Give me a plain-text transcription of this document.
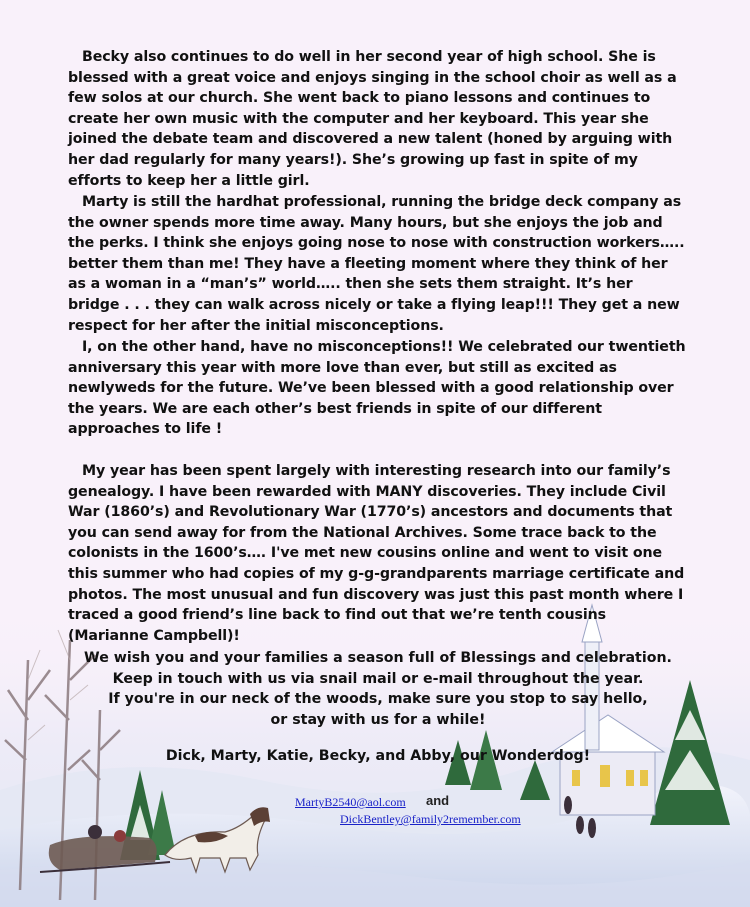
Becky also continues to do well in her second year of high school. She is blessed with a great voice and enjoys singing in the school choir as well as a few solos at our church. She went back to piano lessons and continues to create her own music with the computer and her keyboard. This year she joined the debate team and discovered a new talent (honed by arguing with her dad regularly for many years!). She’s growing up fast in spite of my efforts to keep her a little girl.

Marty is still the hardhat professional, running the bridge deck company as the owner spends more time away. Many hours, but she enjoys the job and the perks. I think she enjoys going nose to nose with construction workers….. better them than me! They have a fleeting moment where they think of her as a woman in a “man’s” world….. then she sets them straight. It’s her bridge . . . they can walk across nicely or take a flying leap!!! They get a new respect for her after the initial misconceptions.

I, on the other hand, have no misconceptions!! We celebrated our twentieth anniversary this year with more love than ever, but still as excited as newlyweds for the future. We’ve been blessed with a good relationship over the years. We are each other’s best friends in spite of our different approaches to life !

My year has been spent largely with interesting research into our family’s genealogy. I have been rewarded with MANY discoveries. They include Civil War (1860’s) and Revolutionary War (1770’s) ancestors and documents that you can send away for from the National Archives. Some trace back to the colonists in the 1600’s…. I've met new cousins online and went to visit one this summer who had copies of my g-g-grandparents marriage certificate and photos. The most unusual and fun discovery was just this past month where I traced a good friend’s line back to find out that we’re tenth cousins (Marianne Campbell)!

We wish you and your families a season full of Blessings and celebration.
Keep in touch with us via snail mail or e-mail throughout the year.
If you're in our neck of the woods, make sure you stop to say hello,
or stay with us for a while!
Dick, Marty, Katie, Becky, and Abby, our Wonderdog!
MartyB2540@aol.com and
DickBentley@family2remember.com
